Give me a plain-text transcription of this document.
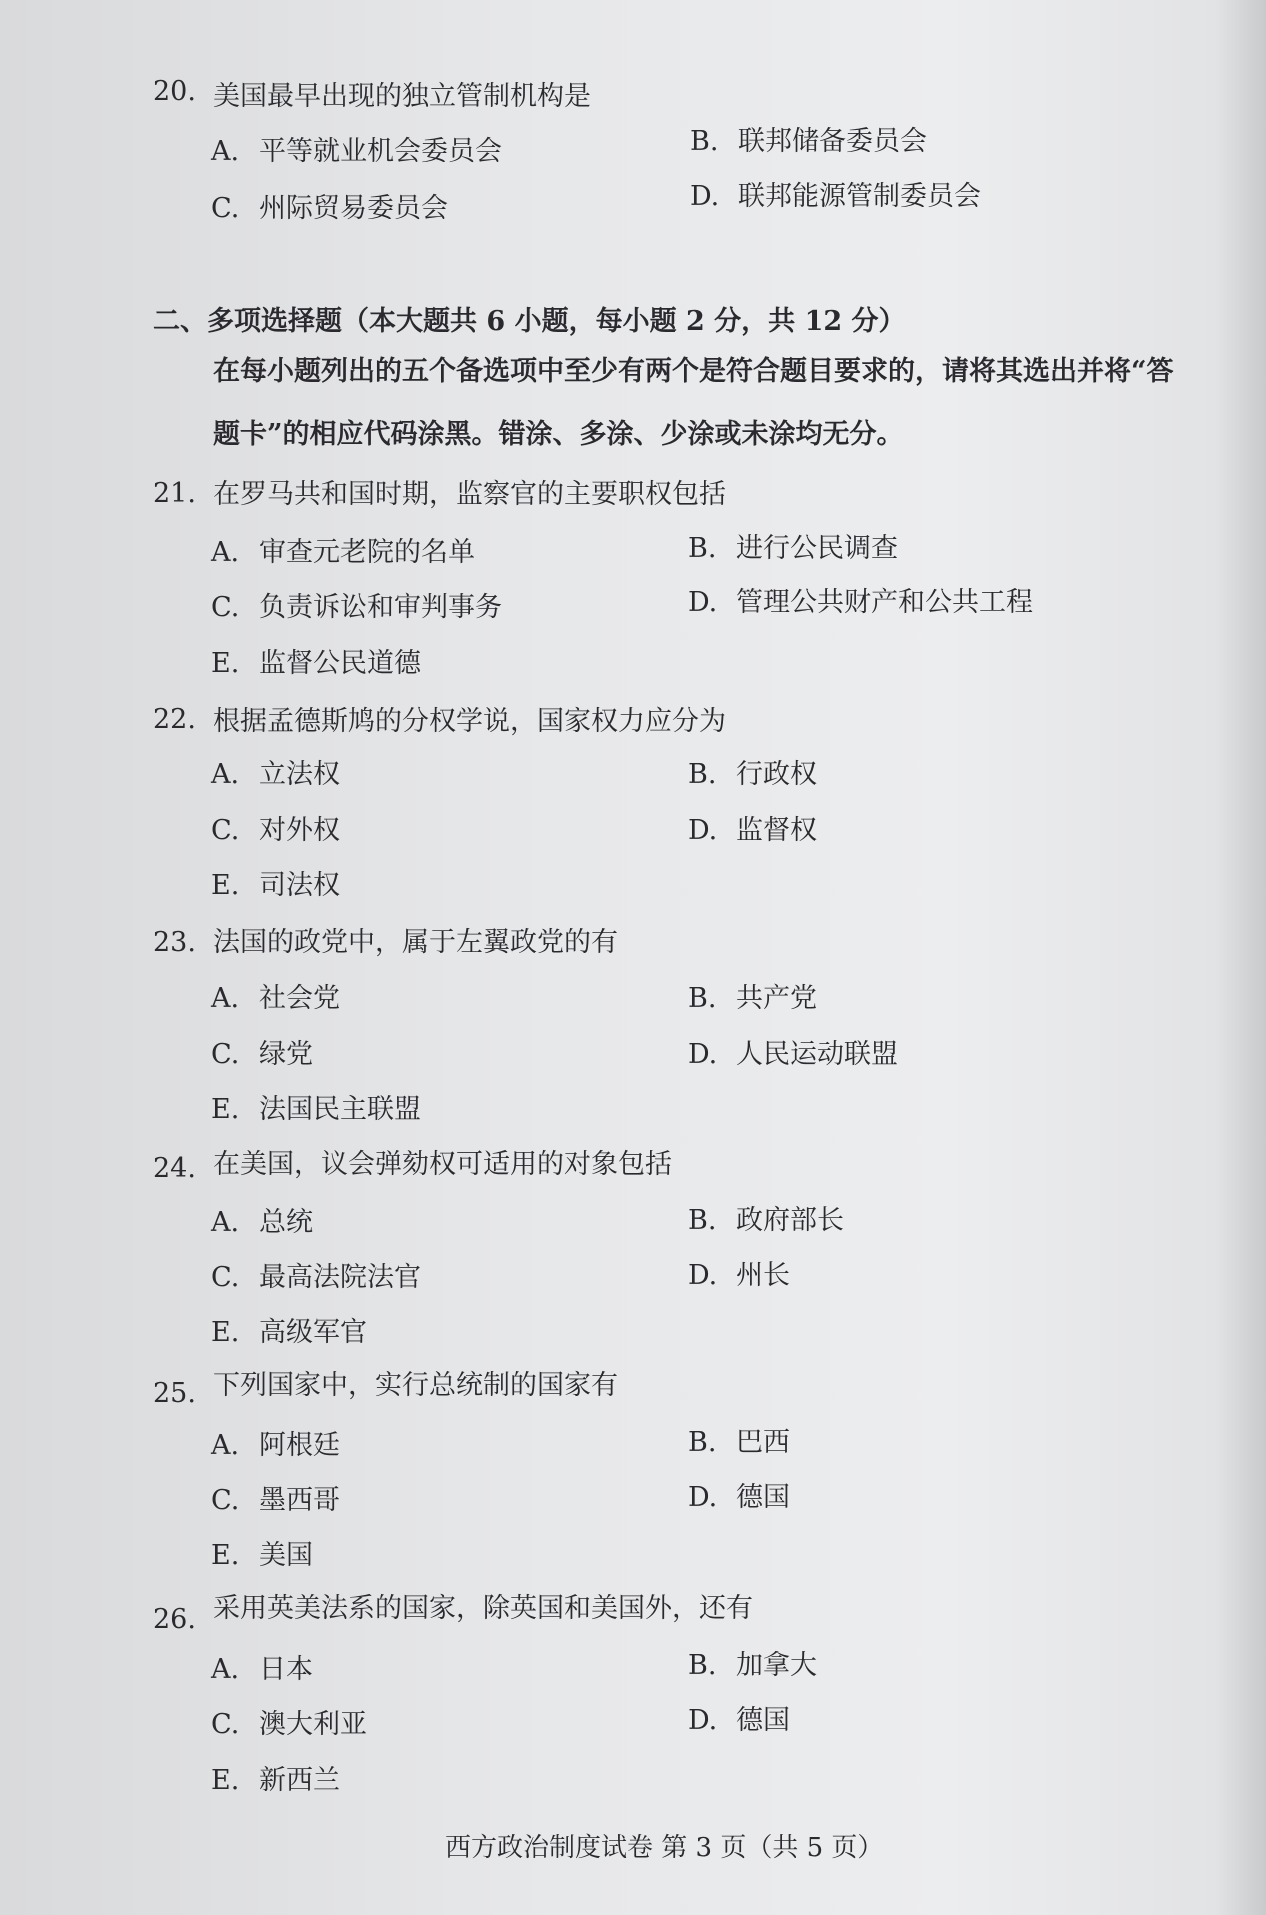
20. 美国最早出现的独立管制机构是
A. 平等就业机会委员会	B. 联邦储备委员会
C. 州际贸易委员会	D. 联邦能源管制委员会
二、多项选择题（本大题共 6 小题，每小题 2 分，共 12 分）
在每小题列出的五个备选项中至少有两个是符合题目要求的，请将其选出并将“答
题卡”的相应代码涂黑。错涂、多涂、少涂或未涂均无分。
21. 在罗马共和国时期，监察官的主要职权包括
A. 审查元老院的名单	B. 进行公民调查
C. 负责诉讼和审判事务	D. 管理公共财产和公共工程
E. 监督公民道德
22. 根据孟德斯鸠的分权学说，国家权力应分为
A. 立法权	B. 行政权
C. 对外权	D. 监督权
E. 司法权
23. 法国的政党中，属于左翼政党的有
A. 社会党	B. 共产党
C. 绿党	D. 人民运动联盟
E. 法国民主联盟
24. 在美国，议会弹劾权可适用的对象包括
A. 总统	B. 政府部长
C. 最高法院法官	D. 州长
E. 高级军官
25. 下列国家中，实行总统制的国家有
A. 阿根廷	B. 巴西
C. 墨西哥	D. 德国
E. 美国
26. 采用英美法系的国家，除英国和美国外，还有
A. 日本	B. 加拿大
C. 澳大利亚	D. 德国
E. 新西兰
西方政治制度试卷 第 3 页（共 5 页）
